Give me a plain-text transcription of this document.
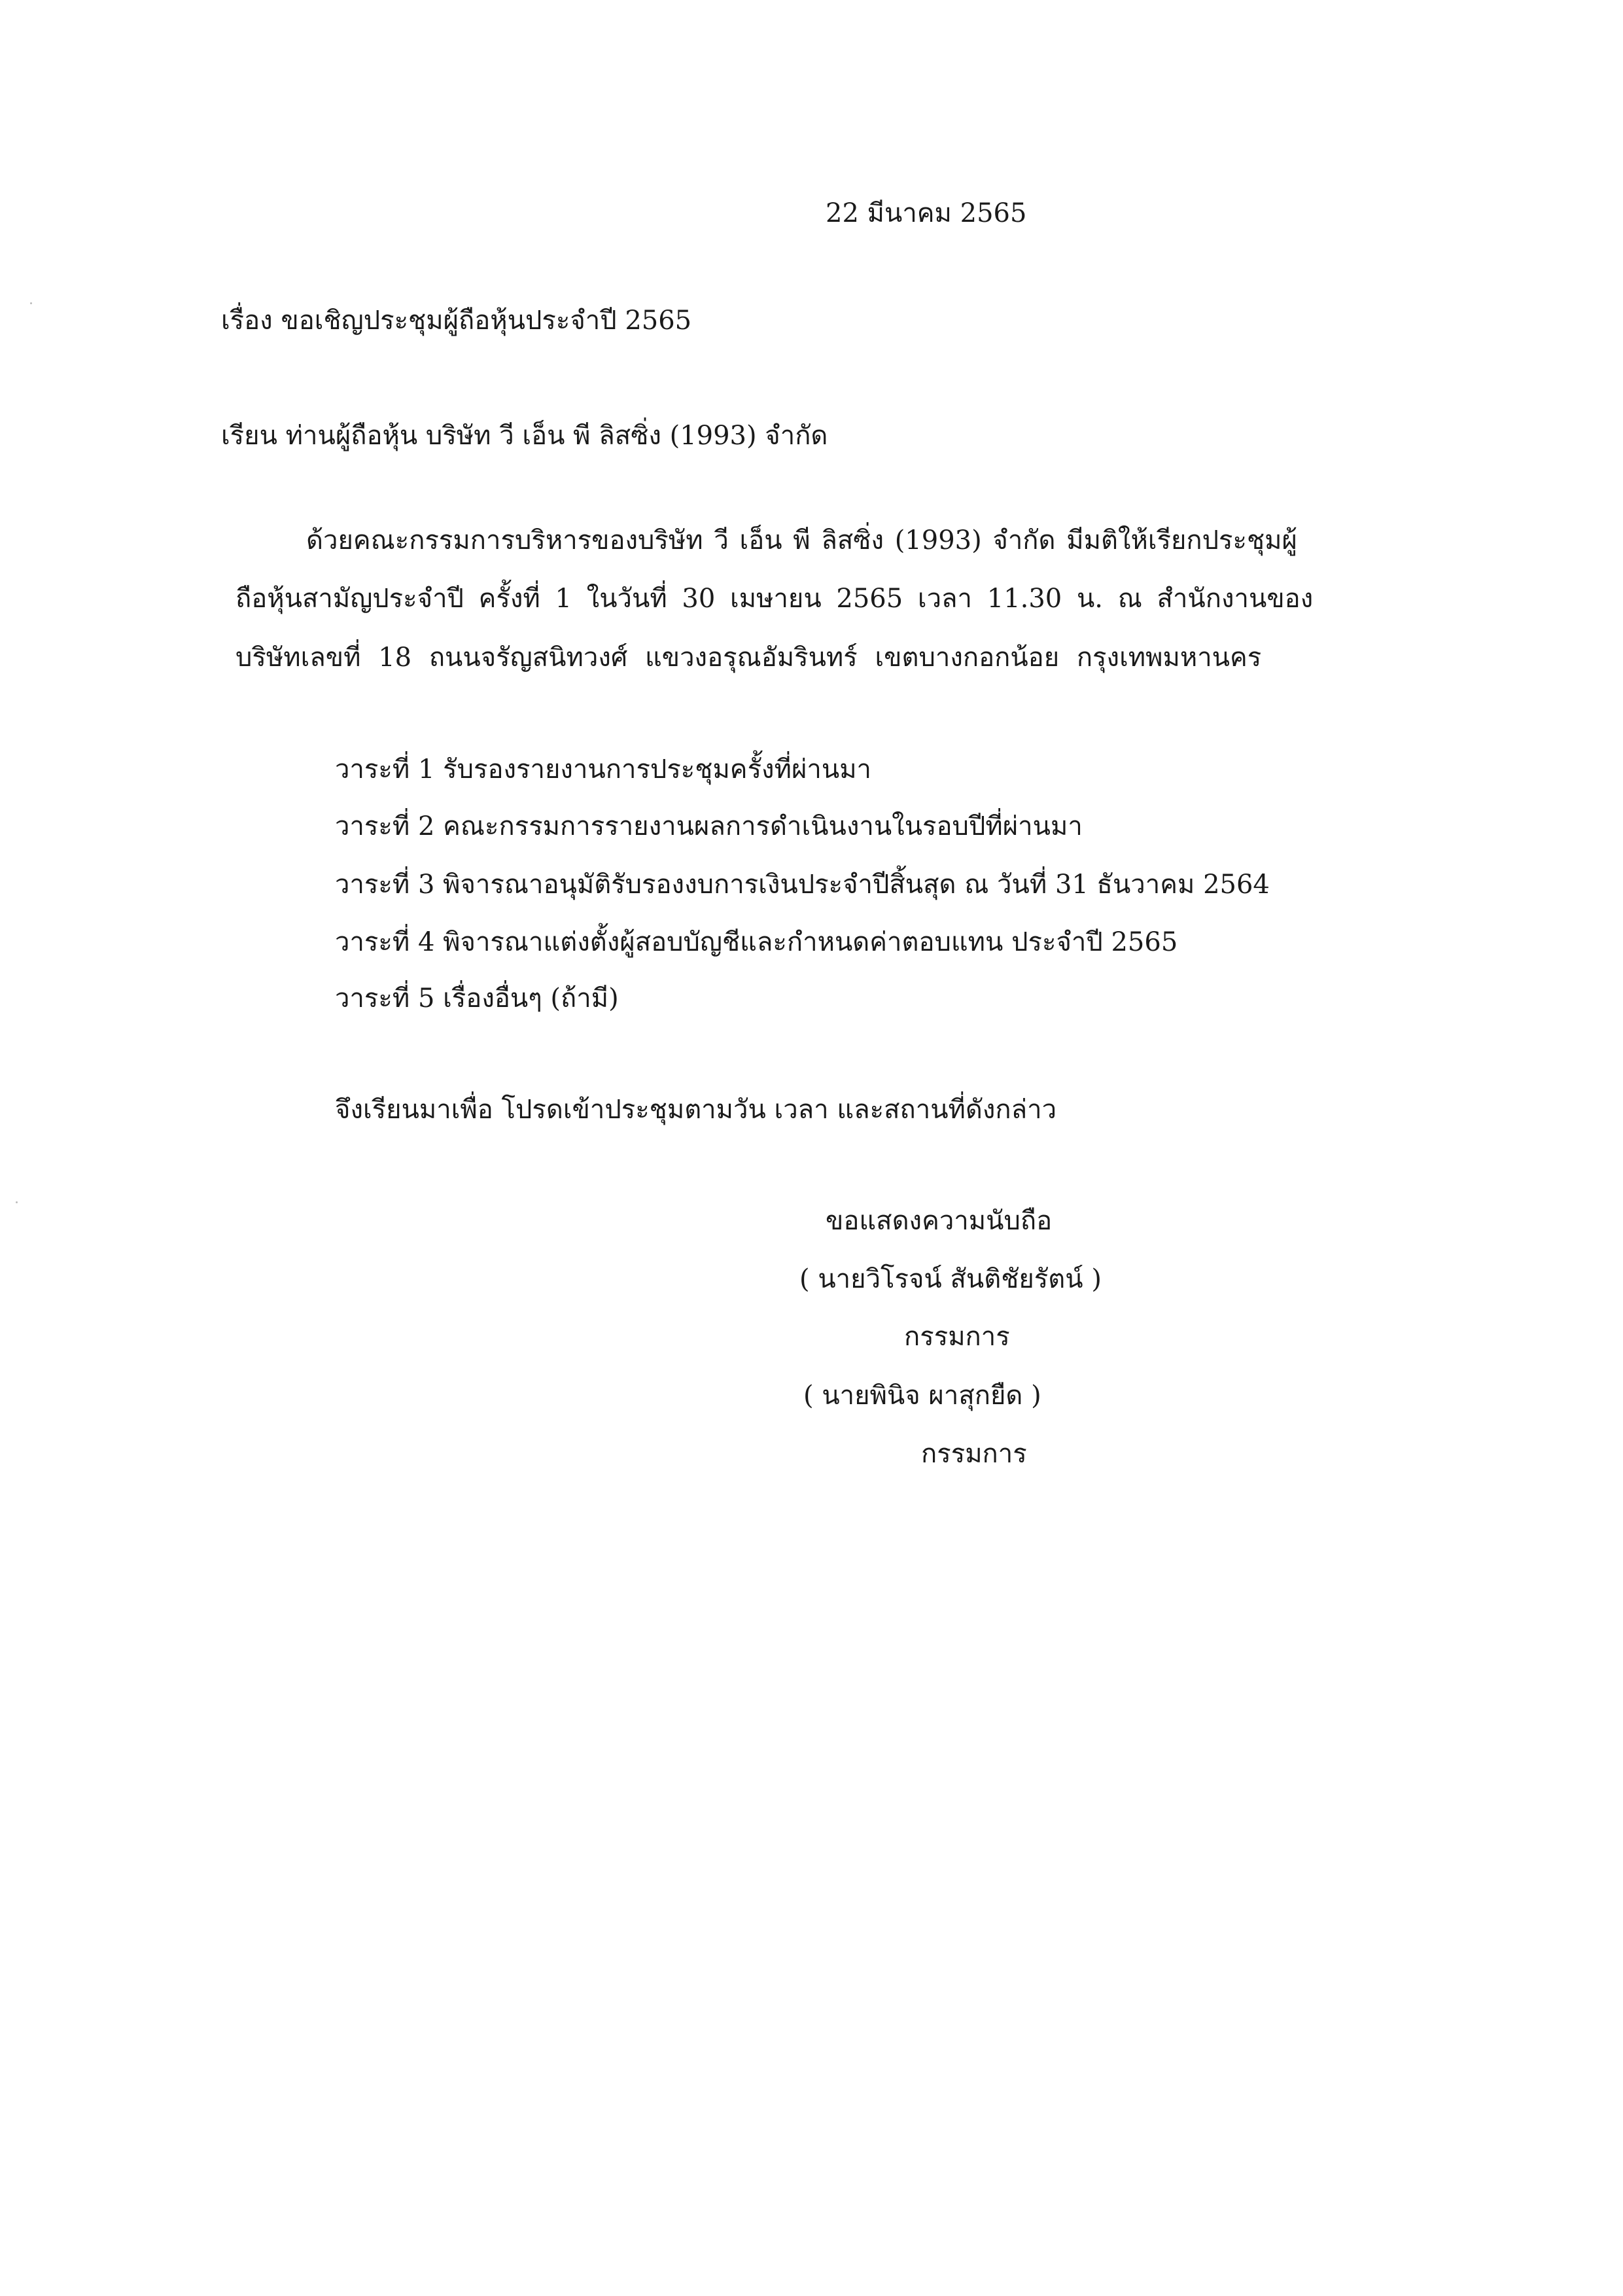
22 มีนาคม 2565
เรื่อง ขอเชิญประชุมผู้ถือหุ้นประจำปี 2565
เรียน ท่านผู้ถือหุ้น บริษัท วี เอ็น พี ลิสซิ่ง (1993) จำกัด
ด้วยคณะกรรมการบริหารของบริษัท วี เอ็น พี ลิสซิ่ง (1993) จำกัด มีมติให้เรียกประชุมผู้
ถือหุ้นสามัญประจำปี ครั้งที่ 1 ในวันที่ 30 เมษายน 2565 เวลา 11.30 น. ณ สำนักงานของ
บริษัทเลขที่ 18 ถนนจรัญสนิทวงศ์ แขวงอรุณอัมรินทร์ เขตบางกอกน้อย กรุงเทพมหานคร
วาระที่ 1 รับรองรายงานการประชุมครั้งที่ผ่านมา
วาระที่ 2 คณะกรรมการรายงานผลการดำเนินงานในรอบปีที่ผ่านมา
วาระที่ 3 พิจารณาอนุมัติรับรองงบการเงินประจำปีสิ้นสุด ณ วันที่ 31 ธันวาคม 2564
วาระที่ 4 พิจารณาแต่งตั้งผู้สอบบัญชีและกำหนดค่าตอบแทน ประจำปี 2565
วาระที่ 5 เรื่องอื่นๆ (ถ้ามี)
จึงเรียนมาเพื่อ โปรดเข้าประชุมตามวัน เวลา และสถานที่ดังกล่าว
ขอแสดงความนับถือ
( นายวิโรจน์ สันติชัยรัตน์ )
กรรมการ
( นายพินิจ ผาสุกยืด )
กรรมการ
